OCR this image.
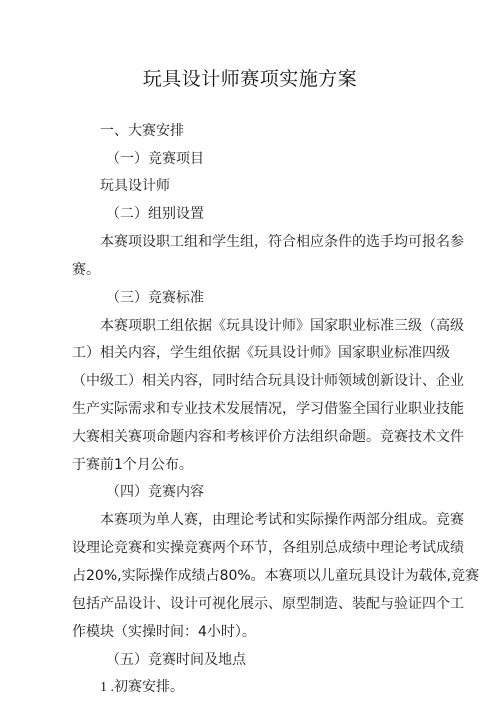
玩具设计师赛项实施方案
一、大赛安排
（一）竞赛项目
玩具设计师
（二）组别设置
本赛项设职工组和学生组，符合相应条件的选手均可报名参
赛。
（三）竞赛标准
本赛项职工组依据《玩具设计师》国家职业标准三级（高级
工）相关内容，学生组依据《玩具设计师》国家职业标准四级
（中级工）相关内容，同时结合玩具设计师领域创新设计、企业
生产实际需求和专业技术发展情况，学习借鉴全国行业职业技能
大赛相关赛项命题内容和考核评价方法组织命题。竞赛技术文件
于赛前1个月公布。
（四）竞赛内容
本赛项为单人赛，由理论考试和实际操作两部分组成。竞赛
设理论竞赛和实操竞赛两个环节，各组别总成绩中理论考试成绩
占20%,实际操作成绩占80%。本赛项以儿童玩具设计为载体,竞赛
包括产品设计、设计可视化展示、原型制造、装配与验证四个工
作模块（实操时间：4小时）。
（五）竞赛时间及地点
1 .初赛安排。
